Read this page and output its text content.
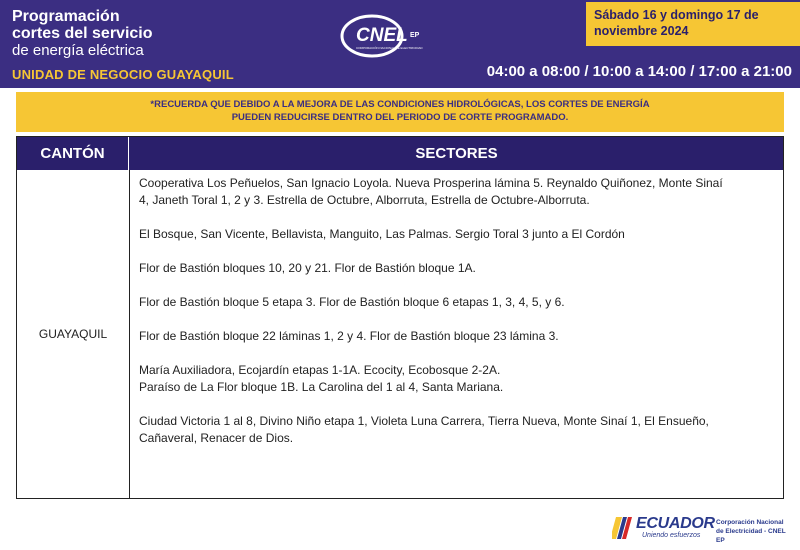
Programación
cortes del servicio
de energía eléctrica
UNIDAD DE NEGOCIO GUAYAQUIL
CNEL EP
CORPORACIÓN NACIONAL DE ELECTRICIDAD
Sábado 16 y domingo 17 de
noviembre 2024
04:00 a 08:00 / 10:00 a 14:00 / 17:00 a 21:00
*RECUERDA QUE DEBIDO A LA MEJORA DE LAS CONDICIONES HIDROLÓGICAS, LOS CORTES DE ENERGÍA
PUEDEN REDUCIRSE DENTRO DEL PERIODO DE CORTE PROGRAMADO.
CANTÓN	SECTORES
GUAYAQUIL
Cooperativa Los Peñuelos, San Ignacio Loyola. Nueva Prosperina lámina 5. Reynaldo Quiñonez, Monte Sinaí
4, Janeth Toral 1, 2 y 3. Estrella de Octubre, Alborruta, Estrella de Octubre-Alborruta.
El Bosque, San Vicente, Bellavista, Manguito, Las Palmas. Sergio Toral 3 junto a El Cordón
Flor de Bastión bloques 10, 20 y 21. Flor de Bastión bloque 1A.
Flor de Bastión bloque 5 etapa 3. Flor de Bastión bloque 6 etapas 1, 3, 4, 5, y 6.
Flor de Bastión bloque 22 láminas 1, 2 y 4. Flor de Bastión bloque 23 lámina 3.
María Auxiliadora, Ecojardín etapas 1-1A. Ecocity, Ecobosque 2-2A.
Paraíso de La Flor bloque 1B. La Carolina del 1 al 4, Santa Mariana.
Ciudad Victoria 1 al 8, Divino Niño etapa 1, Violeta Luna Carrera, Tierra Nueva, Monte Sinaí 1, El Ensueño,
Cañaveral, Renacer de Dios.
ECUADOR
Uniendo esfuerzos
Corporación Nacional
de Electricidad - CNEL EP
